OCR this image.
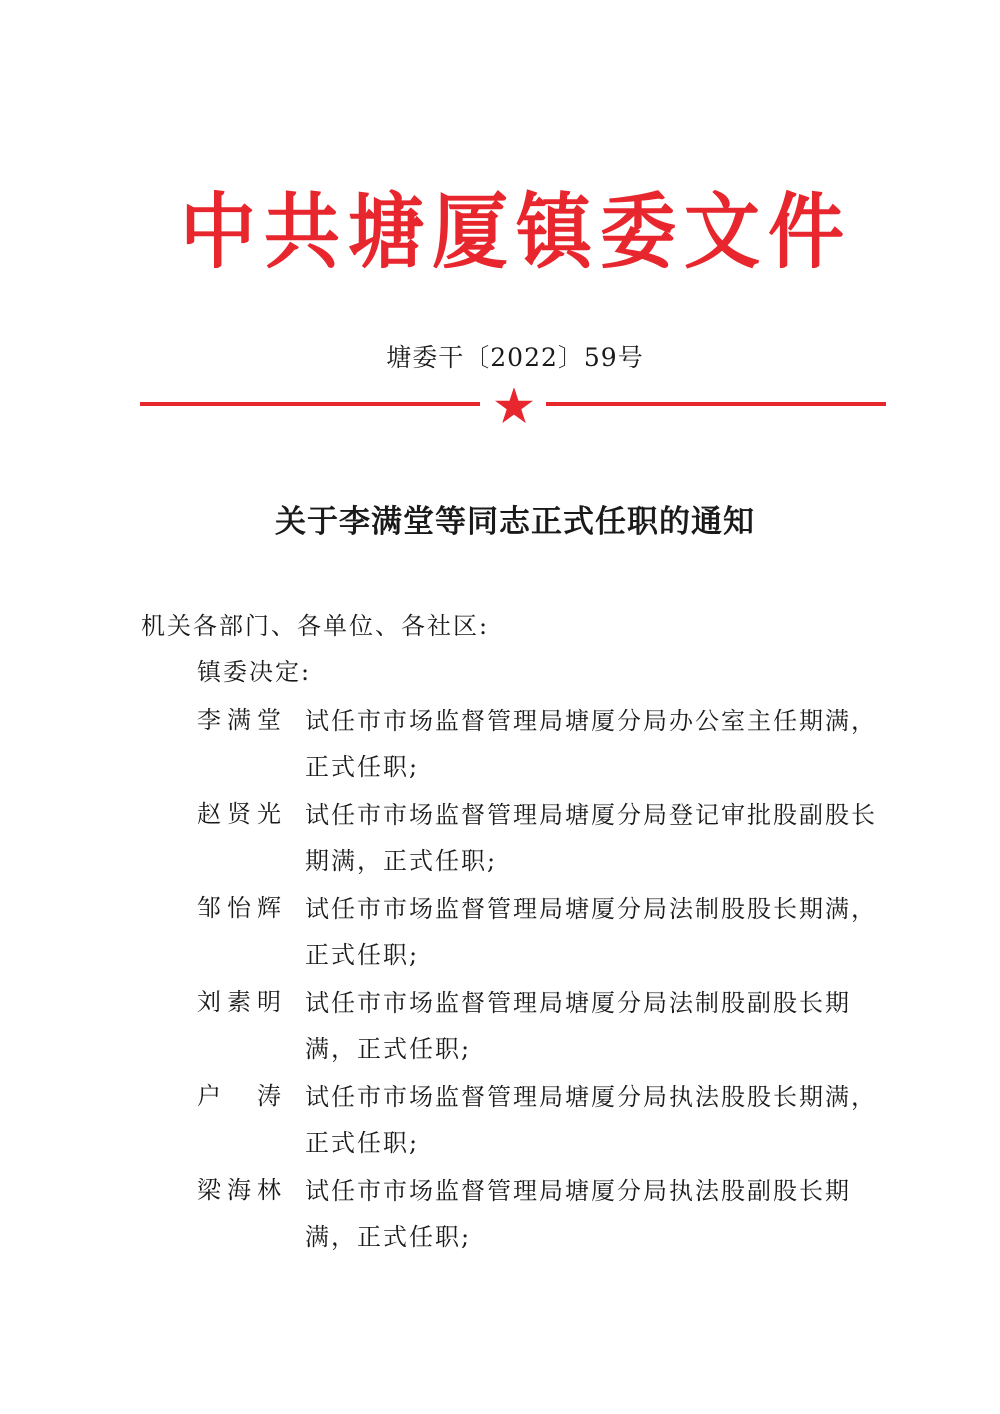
中共塘厦镇委文件
塘委干〔2022〕59号
关于李满堂等同志正式任职的通知
机关各部门、各单位、各社区:
镇委决定:
李满堂 试任市市场监督管理局塘厦分局办公室主任期满，正式任职;
赵贤光 试任市市场监督管理局塘厦分局登记审批股副股长期满，正式任职;
邹怡辉 试任市市场监督管理局塘厦分局法制股股长期满，正式任职;
刘素明 试任市市场监督管理局塘厦分局法制股副股长期满，正式任职;
户　涛 试任市市场监督管理局塘厦分局执法股股长期满，正式任职;
梁海林 试任市市场监督管理局塘厦分局执法股副股长期满，正式任职;
